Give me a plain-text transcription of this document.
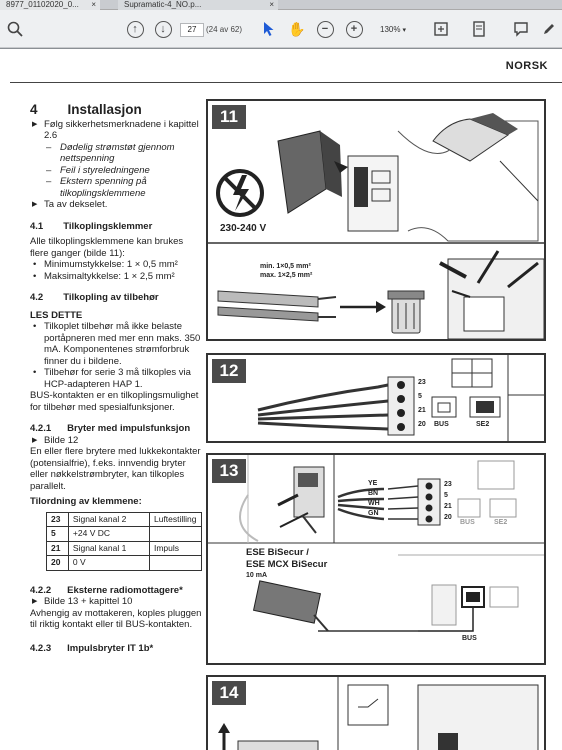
8977_01102020_0... ×	Supramatic-4_NO.p...	×
↑	↓	27	(24 av 62)	✋	−	+	130% ▾
NORSK
4 Installasjon
▶ Følg sikkerhetsmerknadene i kapittel 2.6
– Dødelig strømstøt gjennom nettspenning
– Feil i styreledningene
– Ekstern spenning på tilkoplingsklemmene
▶ Ta av dekselet.
4.1 Tilkoplingsklemmer
Alle tilkoplingsklemmene kan brukes flere ganger (bilde 11):
• Minimumstykkelse: 1 × 0,5 mm²
• Maksimaltykkelse: 1 × 2,5 mm²
4.2 Tilkopling av tilbehør
LES DETTE
• Tilkoplet tilbehør må ikke belaste portåpneren med mer enn maks. 350 mA. Komponentenes strømforbruk finner du i bildene.
• Tilbehør for serie 3 må tilkoples via HCP-adapteren HAP 1.
BUS-kontakten er en tilkoplingsmulighet for tilbehør med spesialfunksjoner.
4.2.1 Bryter med impulsfunksjon
▶ Bilde 12
En eller flere brytere med lukkekontakter (potensialfrie), f.eks. innvendig bryter eller nøkkelstrømbryter, kan tilkoples parallelt.
Tilordning av klemmene:
23	Signal kanal 2	Luftestilling
5	+24 V DC	
21	Signal kanal 1	Impuls
20	0 V	
4.2.2 Eksterne radiomottagere*
▶ Bilde 13 + kapittel 10
Avhengig av mottakeren, koples pluggen til riktig kontakt eller til BUS-kontakten.
4.2.3 Impulsbryter IT 1b*
11
230-240 V
min. 1×0,5 mm²
max. 1×2,5 mm²
12
23
5
21
20 BUS	SE2
13
YE
BN
WH
GN
23
5
21
20
BUS	SE2
ESE BiSecur /
ESE MCX BiSecur
10 mA
BUS
14
